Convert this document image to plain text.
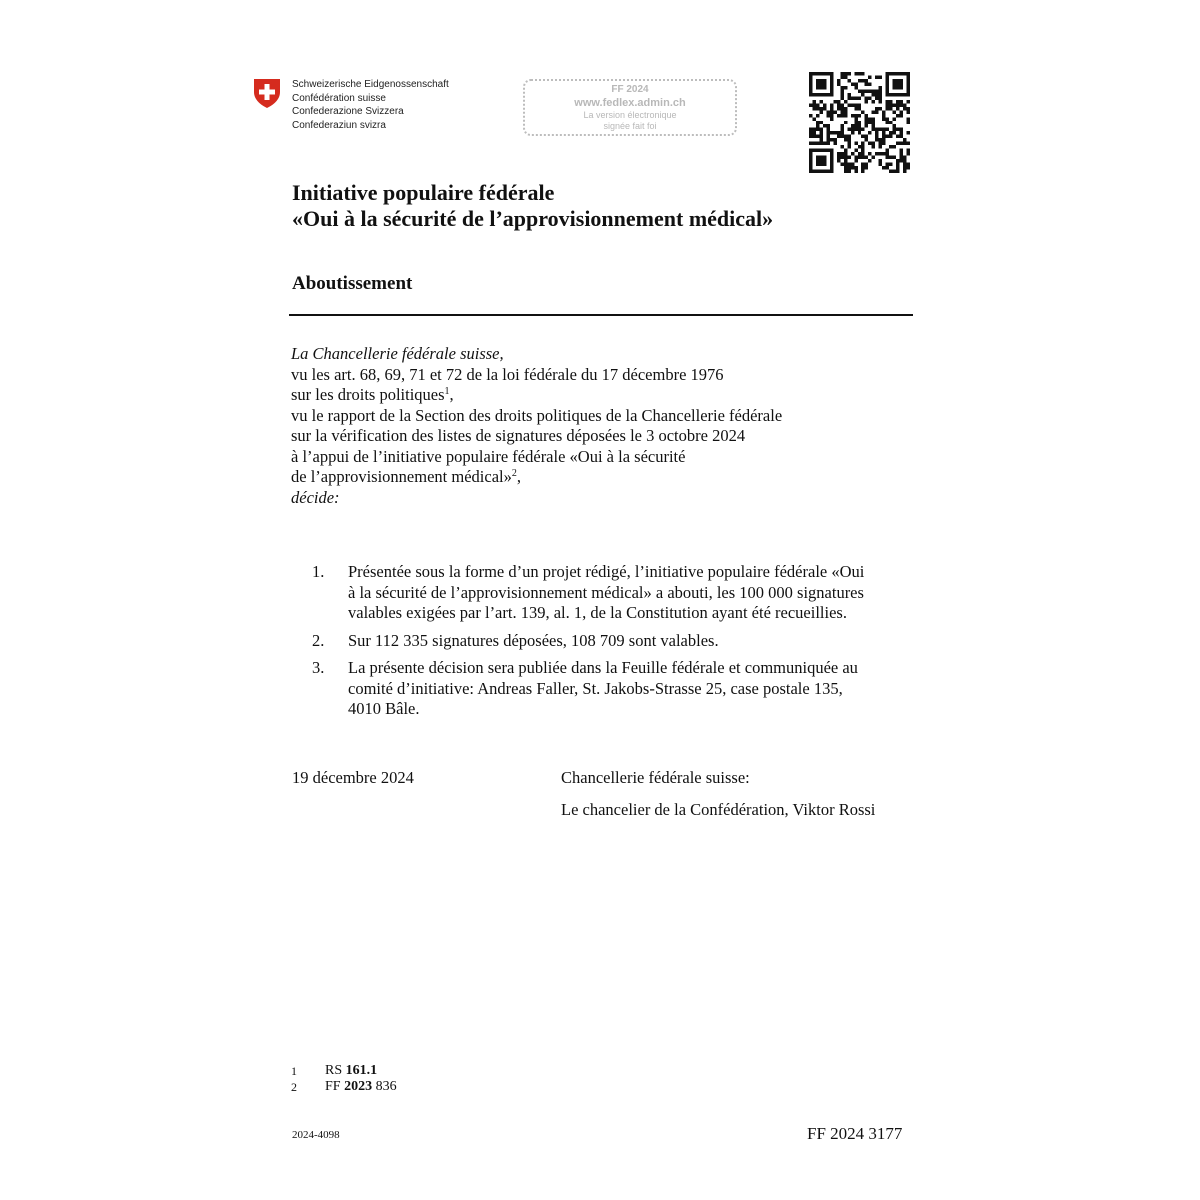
Schweizerische Eidgenossenschaft
Confédération suisse
Confederazione Svizzera
Confederaziun svizra
FF 2024
www.fedlex.admin.ch
La version électronique
signée fait foi
Initiative populaire fédérale
«Oui à la sécurité de l’approvisionnement médical»
Aboutissement
La Chancellerie fédérale suisse,
vu les art. 68, 69, 71 et 72 de la loi fédérale du 17 décembre 1976
sur les droits politiques$^1$,
vu le rapport de la Section des droits politiques de la Chancellerie fédérale
sur la vérification des listes de signatures déposées le 3 octobre 2024
à l’appui de l’initiative populaire fédérale «Oui à la sécurité
de l’approvisionnement médical»$^2$,
décide:
1.	Présentée sous la forme d’un projet rédigé, l’initiative populaire fédérale «Oui
à la sécurité de l’approvisionnement médical» a abouti, les 100 000 signatures
valables exigées par l’art. 139, al. 1, de la Constitution ayant été recueillies.
2.	Sur 112 335 signatures déposées, 108 709 sont valables.
3.	La présente décision sera publiée dans la Feuille fédérale et communiquée au
comité d’initiative: Andreas Faller, St. Jakobs-Strasse 25, case postale 135,
4010 Bâle.
19 décembre 2024	Chancellerie fédérale suisse:
Le chancelier de la Confédération, Viktor Rossi
1	RS 161.1
2	FF 2023 836
2024-4098	FF 2024 3177
